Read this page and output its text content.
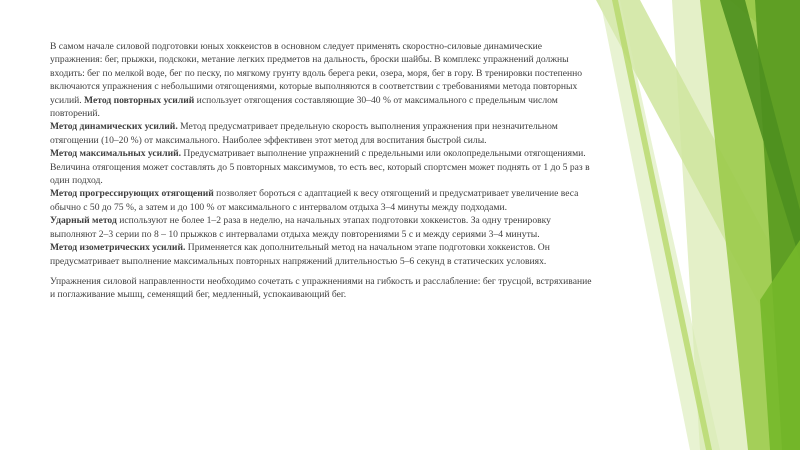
В самом начале силовой подготовки юных хоккеистов в основном следует применять скоростно-силовые динамические упражнения: бег, прыжки, подскоки, метание легких предметов на дальность, броски шайбы. В комплекс упражнений должны входить: бег по мелкой воде, бег по песку, по мягкому грунту вдоль берега реки, озера, моря, бег в гору. В тренировки постепенно включаются упражнения с небольшими отягощениями, которые выполняются в соответствии с требованиями метода повторных усилий. Метод повторных усилий использует отягощения составляющие 30–40 % от максимального с предельным числом повторений.

Метод динамических усилий. Метод предусматривает предельную скорость выполнения упражнения при незначительном отягощении (10–20 %) от максимального. Наиболее эффективен этот метод для воспитания быстрой силы.

Метод максимальных усилий. Предусматривает выполнение упражнений с предельными или околопредельными отягощениями. Величина отягощения может составлять до 5 повторных максимумов, то есть вес, который спортсмен может поднять от 1 до 5 раз в один подход.

Метод прогрессирующих отягощений позволяет бороться с адаптацией к весу отягощений и предусматривает увеличение веса обычно с 50 до 75 %, а затем и до 100 % от максимального с интервалом отдыха 3–4 минуты между подходами.

Ударный метод используют не более 1–2 раза в неделю, на начальных этапах подготовки хоккеистов. За одну тренировку выполняют 2–3 серии по 8 – 10 прыжков с интервалами отдыха между повторениями 5 с и между сериями 3–4 минуты.

Метод изометрических усилий. Применяется как дополнительный метод на начальном этапе подготовки хоккеистов. Он предусматривает выполнение максимальных повторных напряжений длительностью 5–6 секунд в статических условиях.

Упражнения силовой направленности необходимо сочетать с упражнениями на гибкость и расслабление: бег трусцой, встряхивание и поглаживание мышц, семенящий бег, медленный, успокаивающий бег.
